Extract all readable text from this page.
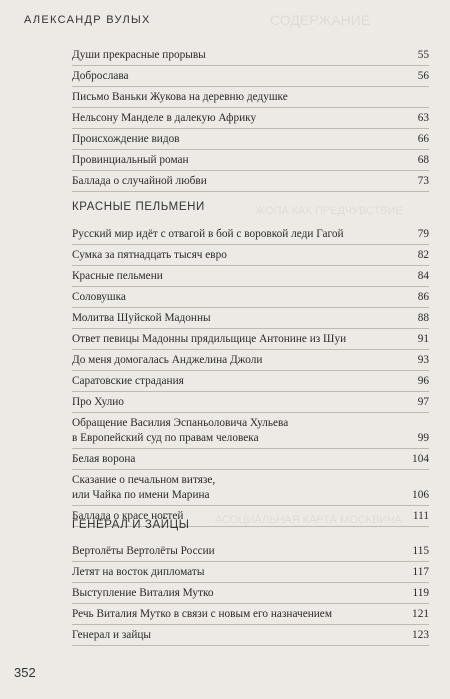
СОДЕРЖАНИЕ
ЖОПА КАК ПРЕДЧУВСТВИЕ
АСОЦИАЛЬНАЯ КАРТА МОСКВИЧА
АЛЕКСАНДР ВУЛЫХ
Души прекрасные прорывы	55
Доброслава	56
Письмо Ваньки Жукова на деревню дедушке
Нельсону Манделе в далекую Африку	63
Происхождение видов	66
Провинциальный роман	68
Баллада о случайной любви	73
КРАСНЫЕ ПЕЛЬМЕНИ
Русский мир идёт с отвагой в бой с воровкой леди Гагой	79
Сумка за пятнадцать тысяч евро	82
Красные пельмени	84
Соловушка	86
Молитва Шуйской Мадонны	88
Ответ певицы Мадонны прядильщице Антонине из Шуи	91
До меня домогалась Анджелина Джоли	93
Саратовские страдания	96
Про Хулио	97
Обращение Василия Эспаньоловича Хульева
в Европейский суд по правам человека	99
Белая ворона	104
Сказание о печальном витязе,
или Чайка по имени Марина	106
Баллада о красе ногтей	111
ГЕНЕРАЛ И ЗАЙЦЫ
Вертолёты Вертолёты России	115
Летят на восток дипломаты	117
Выступление Виталия Мутко	119
Речь Виталия Мутко в связи с новым его назначением	121
Генерал и зайцы	123
352
